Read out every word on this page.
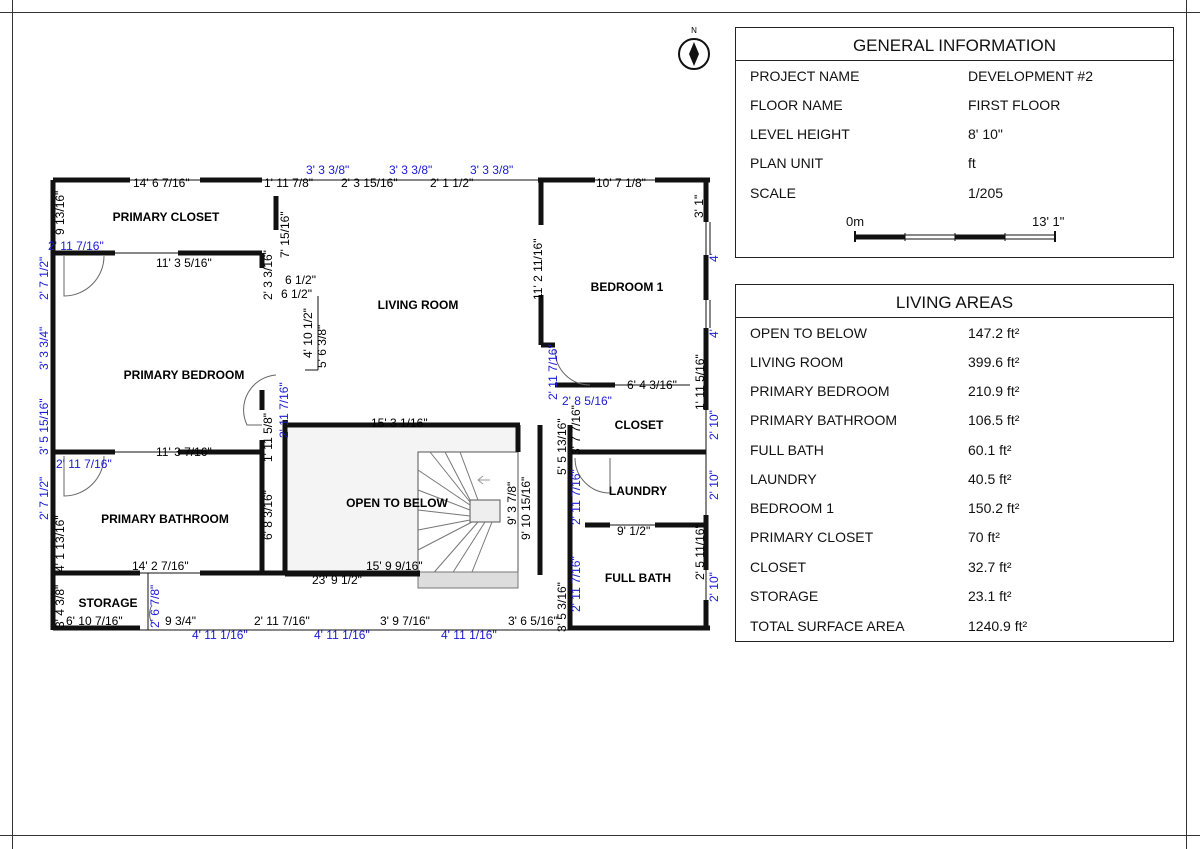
GENERAL INFORMATION
PROJECT NAME	DEVELOPMENT #2
FLOOR NAME	FIRST FLOOR
LEVEL HEIGHT	8' 10"
PLAN UNIT	ft
SCALE	1/205
0m	13' 1"
LIVING AREAS
OPEN TO BELOW	147.2 ft²
LIVING ROOM	399.6 ft²
PRIMARY BEDROOM	210.9 ft²
PRIMARY BATHROOM	106.5 ft²
FULL BATH	60.1 ft²
LAUNDRY	40.5 ft²
BEDROOM 1	150.2 ft²
PRIMARY CLOSET	70 ft²
CLOSET	32.7 ft²
STORAGE	23.1 ft²
TOTAL SURFACE AREA	1240.9 ft²
N
PRIMARY CLOSET
LIVING ROOM
BEDROOM 1
PRIMARY BEDROOM
CLOSET
LAUNDRY
OPEN TO BELOW
PRIMARY BATHROOM
FULL BATH
STORAGE
3' 3 3/8"	3' 3 3/8"	3' 3 3/8"
14' 6 7/16"	1' 11 7/8" 2' 3 15/16"	2' 1 1/2"	10' 7 1/8"
9 13/16"
2' 11 7/16"
11' 3 5/16"
2' 7 1/2"
3' 3 3/4"
3' 5 15/16"
2' 7 1/2"
2' 11 7/16"
11' 3 7/16"
4' 1 13/16"
3' 4 3/8"
7' 15/16"
2' 3 3/16" 6 1/2"
6 1/2"
4' 10 1/2" 5' 6 3/8"
1' 11 5/8" 2' 11 7/16"
6' 8 3/16"
15' 3 1/16"
15' 9 9/16"
23' 9 1/2"
14' 2 7/16"
9' 3 7/8" 9' 10 15/16"
11' 2 11/16"
2' 11 7/16"
5' 5 13/16" 3' 7 7/16"
2' 11 7/16"
2' 11 7/16"
3' 5 3/16"
6' 4 3/16"
2' 8 5/16"
9' 1/2"
3' 1"
4'
4'
1' 11 5/16"
2' 10"
2' 10"
2' 5 11/16"
2' 10"
6' 10 7/16" 2' 6 7/8" 9 3/4"	2' 11 7/16"	3' 9 7/16"	3' 6 5/16"
4' 11 1/16"	4' 11 1/16"	4' 11 1/16"
